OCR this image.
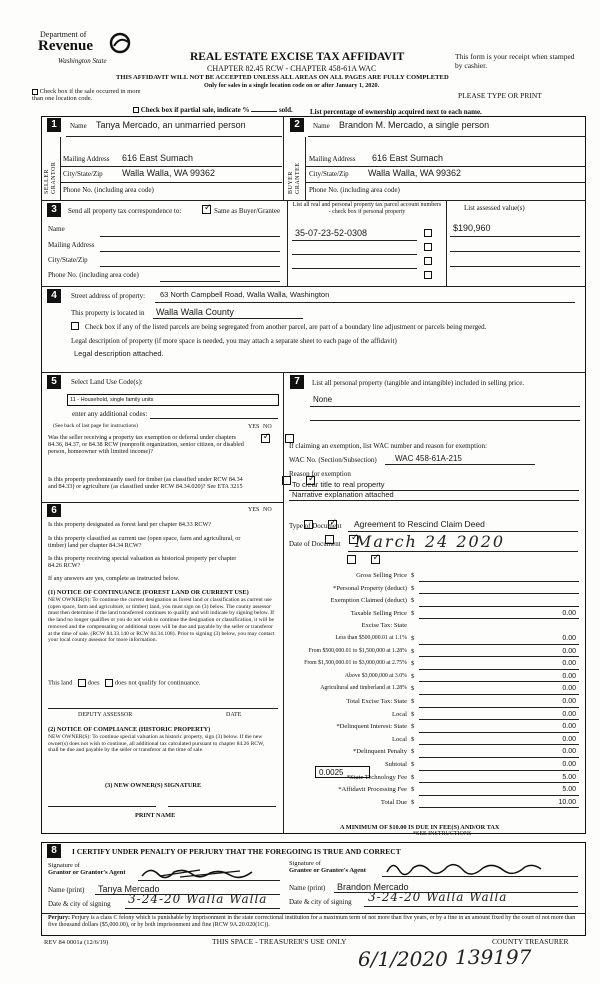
Department of
Revenue
Washington State	REAL ESTATE EXCISE TAX AFFIDAVIT
CHAPTER 82.45 RCW - CHAPTER 458-61A WAC
This form is your receipt when stamped by cashier.
THIS AFFIDAVIT WILL NOT BE ACCEPTED UNLESS ALL AREAS ON ALL PAGES ARE FULLY COMPLETED
Only for sales in a single location code on or after January 1, 2020.
Check box if the sale occurred in more than one location code.	PLEASE TYPE OR PRINT
Check box if partial sale, indicate %	sold. List percentage of ownership acquired next to each name.
1	Name Tanya Mercado, an unmarried person
SELLER GRANTOR
Mailing Address 616 East Sumach
City/State/Zip Walla Walla, WA 99362
Phone No. (including area code)
2	Name Brandon M. Mercado, a single person
BUYER GRANTEE
Mailing Address 616 East Sumach
City/State/Zip Walla Walla, WA 99362
Phone No. (including area code)
3	Send all property tax correspondence to:
✓	Same as Buyer/Grantee
List all real and personal property tax parcel account numbers - check box if personal property	List assessed value(s)
Name
Mailing Address
City/State/Zip
Phone No. (including area code)
35-07-23-52-0308	$190,960
4	Street address of property: 63 North Campbell Road, Walla Walla, Washington
This property is located in Walla Walla County
Check box if any of the listed parcels are being segregated from another parcel, are part of a boundary line adjustment or parcels being merged.
Legal description of property (if more space is needed, you may attach a separate sheet to each page of the affidavit)
Legal description attached.
5	Select Land Use Code(s):
11 - Household, single family units
enter any additional codes:
(See back of last page for instructions)	YES NO
Was the seller receiving a property tax exemption or deferral under chapters 84.36, 84.37, or 84.38 RCW (nonprofit organization, senior citizen, or disabled person, homeowner with limited income)?
✓
Is this property predominantly used for timber (as classified under RCW 84.34 and 84.33) or agriculture (as classified under RCW 84.34.020)? See ETA 3215
✓
6	YES NO
Is this property designated as forest land per chapter 84.33 RCW?
✓
Is this property classified as current use (open space, farm and agricultural, or timber) land per chapter 84.34 RCW?
✓
Is this property receiving special valuation as historical property per chapter 84.26 RCW?
✓
If any answers are yes, complete as instructed below.
(1) NOTICE OF CONTINUANCE (FOREST LAND OR CURRENT USE)
NEW OWNER(S): To continue the current designation as forest land or classification as current use (open space, farm and agriculture, or timber) land, you must sign on (3) below. The county assessor must then determine if the land transferred continues to qualify and will indicate by signing below. If the land no longer qualifies or you do not wish to continue the designation or classification, it will be removed and the compensating or additional taxes will be due and payable by the seller or transferor at the time of sale. (RCW 84.33.140 or RCW 84.34.108). Prior to signing (3) below, you may contact your local county assessor for more information.
This land does does not qualify for continuance.
DEPUTY ASSESSOR	DATE
(2) NOTICE OF COMPLIANCE (HISTORIC PROPERTY)
NEW OWNER(S): To continue special valuation as historic property, sign (3) below. If the new owner(s) does not wish to continue, all additional tax calculated pursuant to chapter 84.26 RCW, shall be due and payable by the seller or transferor at the time of sale.
(3) NEW OWNER(S) SIGNATURE
PRINT NAME
7	List all personal property (tangible and intangible) included in selling price.
None
If claiming an exemption, list WAC number and reason for exemption:
WAC No. (Section/Subsection) WAC 458-61A-215
Reason for exemption
To clear title to real property
Narrative explanation attached
Type of Document Agreement to Rescind Claim Deed
Date of Document March 24 2020
Gross Selling Price $
*Personal Property (deduct) $
Exemption Claimed (deduct) $
Taxable Selling Price $	0.00
Excise Tax: State
Less than $500,000.01 at 1.1% $	0.00
From $500,000.01 to $1,500,000 at 1.28% $	0.00
From $1,500,000.01 to $3,000,000 at 2.75% $	0.00
Above $3,000,000 at 3.0% $	0.00
Agricultural and timberland at 1.28% $	0.00
Total Excise Tax: State $	0.00
Local $	0.00
*Delinquent Interest: State $	0.00
Local $	0.00
*Delinquent Penalty $	0.00
Subtotal $	0.00
*State Technology Fee $	5.00
*Affidavit Processing Fee $	5.00
Total Due $	10.00
0.0025
A MINIMUM OF $10.00 IS DUE IN FEE(S) AND/OR TAX
*SEE INSTRUCTIONS
8	I CERTIFY UNDER PENALTY OF PERJURY THAT THE FOREGOING IS TRUE AND CORRECT
Signature of
Grantor or Grantor's Agent
Signature of
Grantee or Grantee's Agent
Name (print) Tanya Mercado	Name (print) Brandon Mercado
Date & city of signing 3-24-20 Walla Walla	Date & city of signing 3-24-20 Walla Walla
Perjury: Perjury is a class C felony which is punishable by imprisonment in the state correctional institution for a maximum term of not more than five years, or by a fine in an amount fixed by the court of not more than five thousand dollars ($5,000.00), or by both imprisonment and fine (RCW 9A.20.020(1C)).
REV 84 0001a (12/6/19)	THIS SPACE - TREASURER'S USE ONLY	COUNTY TREASURER
6/1/2020 139197
